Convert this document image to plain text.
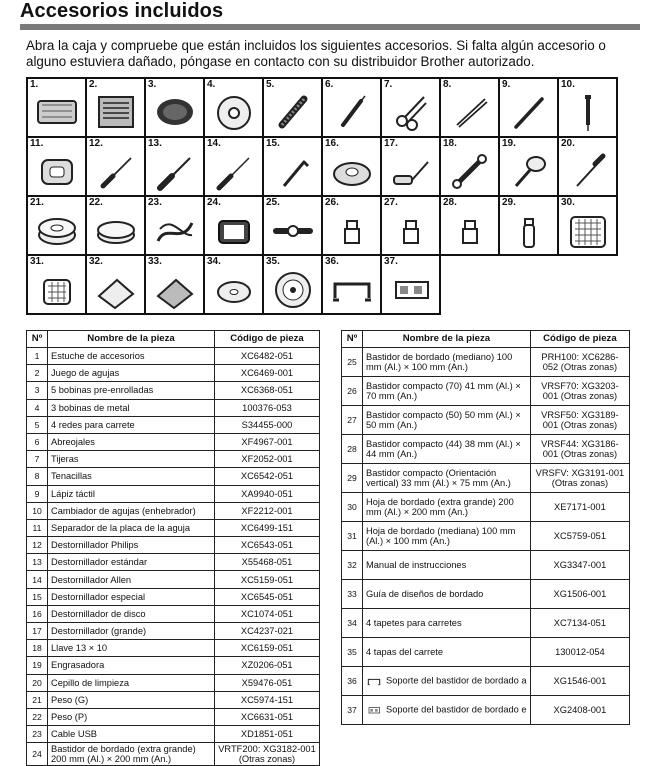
Accesorios incluidos
Abra la caja y compruebe que están incluidos los siguientes accesorios. Si falta algún accesorio o alguno estuviera dañado, póngase en contacto con su distribuidor Brother autorizado.
1.	2.	3.	4.	5.	6.	7.	8.	9.	10.

11.	12.	13.	14.	15.	16.	17.	18.	19.	20.

21.	22.	23.	24.	25.	26.	27.	28.	29.	30.

31.	32.	33.	34.	35.	36.	37.			

Nº	Nombre de la pieza	Código de pieza
1	Estuche de accesorios	XC6482-051
2	Juego de agujas	XC6469-001
3	5 bobinas pre-enrolladas	XC6368-051
4	3 bobinas de metal	100376-053
5	4 redes para carrete	S34455-000
6	Abreojales	XF4967-001
7	Tijeras	XF2052-001
8	Tenacillas	XC6542-051
9	Lápiz táctil	XA9940-051
10	Cambiador de agujas (enhebrador)	XF2212-001
11	Separador de la placa de la aguja	XC6499-151
12	Destornillador Philips	XC6543-051
13	Destornillador estándar	X55468-051
14	Destornillador Allen	XC5159-051
15	Destornillador especial	XC6545-051
16	Destornillador de disco	XC1074-051
17	Destornillador (grande)	XC4237-021
18	Llave 13 × 10	XC6159-051
19	Engrasadora	XZ0206-051
20	Cepillo de limpieza	X59476-051
21	Peso (G)	XC5974-151
22	Peso (P)	XC6631-051
23	Cable USB	XD1851-051
24	Bastidor de bordado (extra grande) 200 mm (Al.) × 200 mm (An.)	VRTF200: XG3182-001 (Otras zonas)
Nº	Nombre de la pieza	Código de pieza
25	Bastidor de bordado (mediano) 100 mm (Al.) × 100 mm (An.)	PRH100: XC6286-052 (Otras zonas)
26	Bastidor compacto (70) 41 mm (Al.) × 70 mm (An.)	VRSF70: XG3203-001 (Otras zonas)
27	Bastidor compacto (50) 50 mm (Al.) × 50 mm (An.)	VRSF50: XG3189-001 (Otras zonas)
28	Bastidor compacto (44) 38 mm (Al.) × 44 mm (An.)	VRSF44: XG3186-001 (Otras zonas)
29	Bastidor compacto (Orientación vertical) 33 mm (Al.) × 75 mm (An.)	VRSFV: XG3191-001 (Otras zonas)
30	Hoja de bordado (extra grande) 200 mm (Al.) × 200 mm (An.)	XE7171-001
31	Hoja de bordado (mediana) 100 mm (Al.) × 100 mm (An.)	XC5759-051
32	Manual de instrucciones	XG3347-001
33	Guía de diseños de bordado	XG1506-001
34	4 tapetes para carretes	XC7134-051
35	4 tapas del carrete	130012-054
36	Soporte del bastidor de bordado a	XG1546-001
37	Soporte del bastidor de bordado e	XG2408-001
